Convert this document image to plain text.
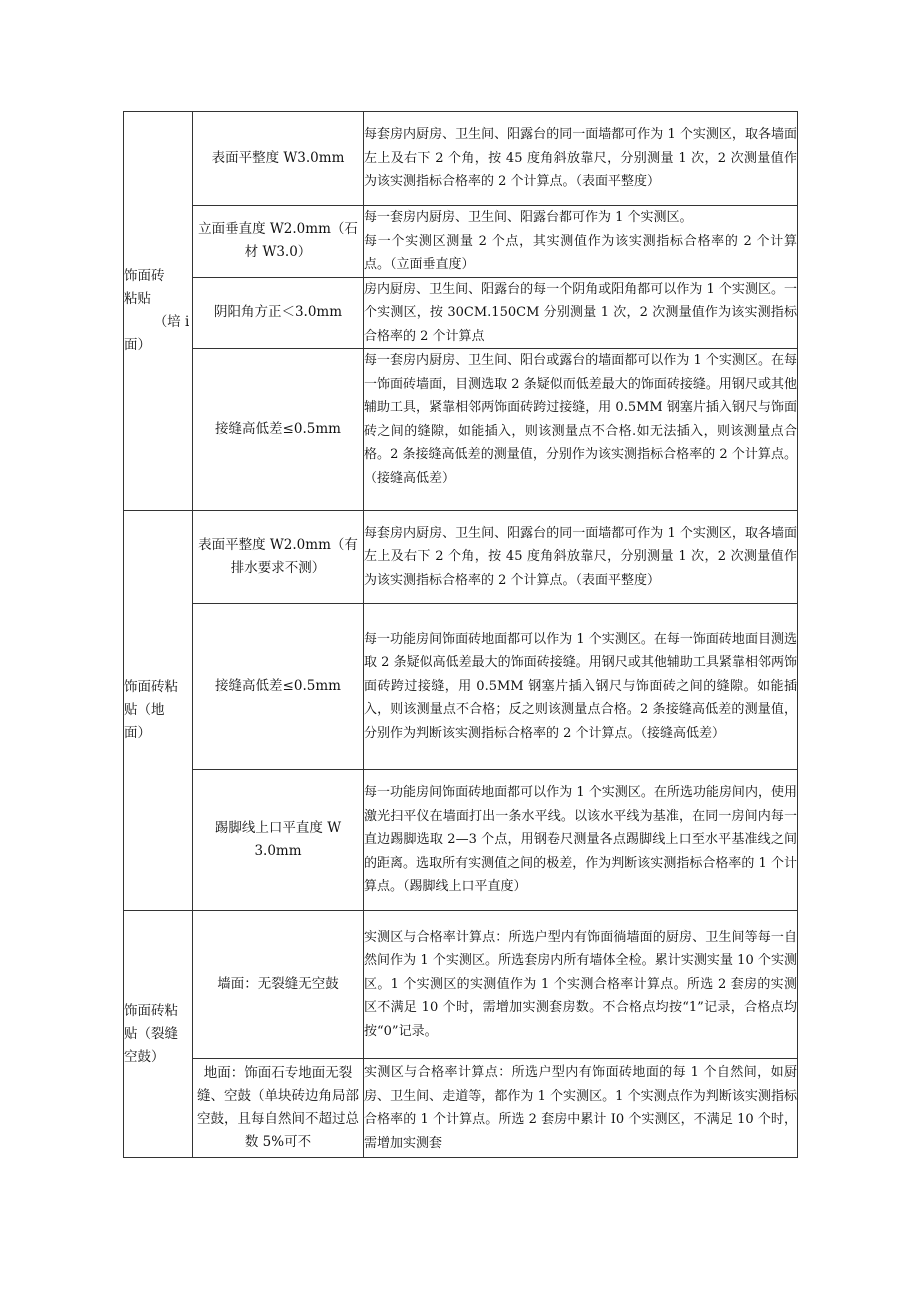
饰面砖
粘贴
（培 i
面）	表面平整度 W3.0mm	每套房内厨房、卫生间、阳露台的同一面墙都可作为 1 个实测区，取各墙面左上及右下 2 个角，按 45 度角斜放靠尺，分别测量 1 次，2 次测量值作为该实测指标合格率的 2 个计算点。（表面平整度）

	立面垂直度 W2.0mm（石材 W3.0）	每一套房内厨房、卫生间、阳露台都可作为 1 个实测区。
每一个实测区测量 2 个点，其实测值作为该实测指标合格率的 2 个计算点。（立面垂直度）

	阴阳角方正＜3.0mm	房内厨房、卫生间、阳露台的每一个阴角或阳角都可以作为 1 个实测区。一个实测区，按 30CM.150CM 分别测量 1 次，2 次测量值作为该实测指标合格率的 2 个计算点

	接缝高低差≤0.5mm	每一套房内厨房、卫生间、阳台或露台的墙面都可以作为 1 个实测区。在每一饰面砖墙面，目测选取 2 条疑似而低差最大的饰面砖接缝。用钢尺或其他辅助工具，紧靠相邻两饰面砖跨过接缝，用 0.5MM 钢塞片插入钢尺与饰面砖之间的缝隙，如能插入，则该测量点不合格.如无法插入，则该测量点合格。2 条接缝高低差的测量值，分别作为该实测指标合格率的 2 个计算点。（接缝高低差）

饰面砖粘
贴（地
面）	表面平整度 W2.0mm（有排水要求不测）	每套房内厨房、卫生间、阳露台的同一面墙都可作为 1 个实测区，取各墙面左上及右下 2 个角，按 45 度角斜放靠尺，分别测量 1 次，2 次测量值作为该实测指标合格率的 2 个计算点。（表面平整度）

	接缝高低差≤0.5mm	每一功能房间饰面砖地面都可以作为 1 个实测区。在每一饰面砖地面目测选取 2 条疑似高低差最大的饰面砖接缝。用钢尺或其他辅助工具紧靠相邻两饰面砖跨过接缝，用 0.5MM 钢塞片插入钢尺与饰面砖之间的缝隙。如能插入，则该测量点不合格；反之则该测量点合格。2 条接缝高低差的测量值，分别作为判断该实测指标合格率的 2 个计算点。（接缝高低差）

	踢脚线上口平直度 W 3.0mm	每一功能房间饰面砖地面都可以作为 1 个实测区。在所选功能房间内，使用激光扫平仪在墙面打出一条水平线。以该水平线为基准，在同一房间内每一直边踢脚选取 2—3 个点，用钢卷尺测量各点踢脚线上口至水平基准线之间的距离。选取所有实测值之间的极差，作为判断该实测指标合格率的 1 个计算点。（踢脚线上口平直度）

饰面砖粘
贴（裂缝
空鼓）	墙面：无裂缝无空鼓	实测区与合格率计算点：所选户型内有饰面徜墙面的厨房、卫生间等每一自然间作为 1 个实测区。所选套房内所有墙体全检。累计实测实量 10 个实测区。1 个实测区的实测值作为 1 个实测合格率计算点。所选 2 套房的实测区不满足 10 个时，需增加实测套房数。不合格点均按“1”记录，合格点均按“0”记录。

	地面：饰面石专地面无裂缝、空鼓（单块砖边角局部空鼓，且每自然间不超过总数 5%可不	实测区与合格率计算点：所选户型内有饰面砖地面的每 1 个自然间，如厨房、卫生间、走道等，都作为 1 个实测区。1 个实测点作为判断该实测指标合格率的 1 个计算点。所选 2 套房中累计 I0 个实测区，不满足 10 个时，需增加实测套
